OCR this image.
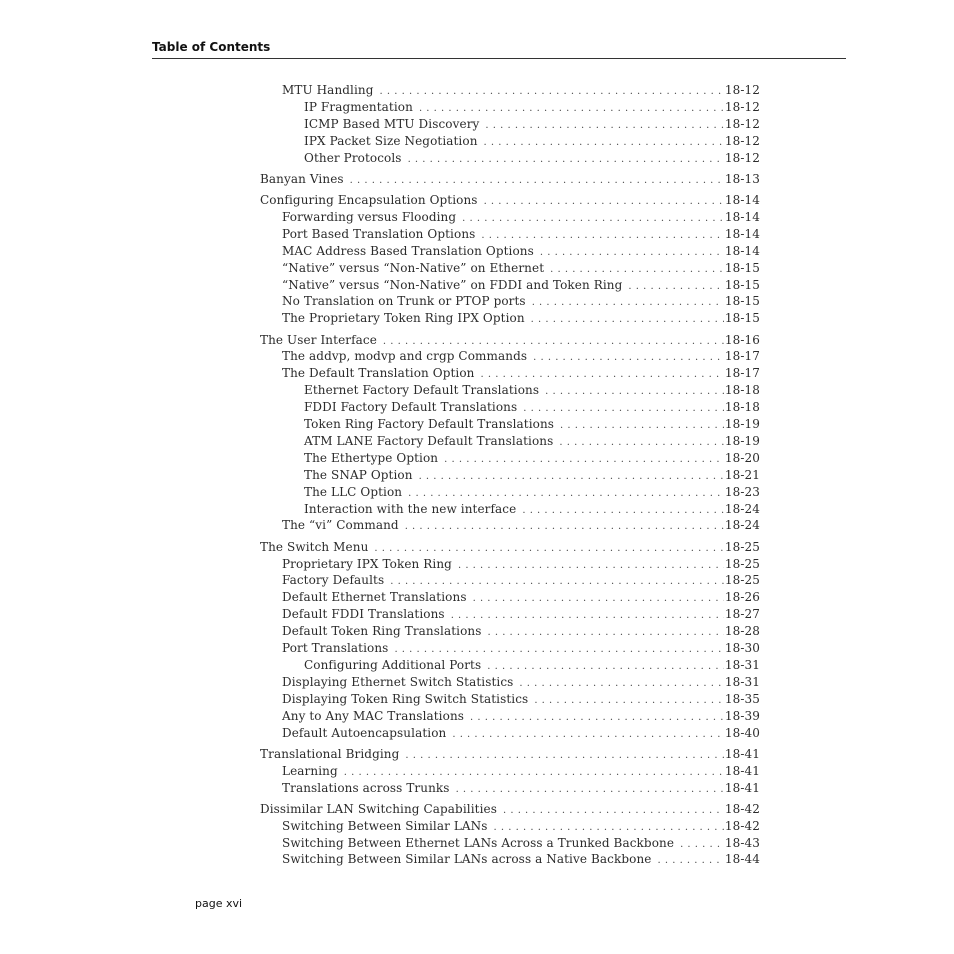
Table of Contents
MTU Handling . . .	18-12
IP Fragmentation . . .	18-12
ICMP Based MTU Discovery . . .	18-12
IPX Packet Size Negotiation . . .	18-12
Other Protocols . . .	18-12
Banyan Vines . . .	18-13
Configuring Encapsulation Options . . .	18-14
Forwarding versus Flooding . . .	18-14
Port Based Translation Options . . .	18-14
MAC Address Based Translation Options . . .	18-14
“Native” versus “Non-Native” on Ethernet . . .	18-15
“Native” versus “Non-Native” on FDDI and Token Ring . . .	18-15
No Translation on Trunk or PTOP ports . . .	18-15
The Proprietary Token Ring IPX Option . . .	18-15
The User Interface . . .	18-16
The addvp, modvp and crgp Commands . . .	18-17
The Default Translation Option . . .	18-17
Ethernet Factory Default Translations . . .	18-18
FDDI Factory Default Translations . . .	18-18
Token Ring Factory Default Translations . . .	18-19
ATM LANE Factory Default Translations . . .	18-19
The Ethertype Option . . .	18-20
The SNAP Option . . .	18-21
The LLC Option . . .	18-23
Interaction with the new interface . . .	18-24
The “vi” Command . . .	18-24
The Switch Menu . . .	18-25
Proprietary IPX Token Ring . . .	18-25
Factory Defaults . . .	18-25
Default Ethernet Translations . . .	18-26
Default FDDI Translations . . .	18-27
Default Token Ring Translations . . .	18-28
Port Translations . . .	18-30
Configuring Additional Ports . . .	18-31
Displaying Ethernet Switch Statistics . . .	18-31
Displaying Token Ring Switch Statistics . . .	18-35
Any to Any MAC Translations . . .	18-39
Default Autoencapsulation . . .	18-40
Translational Bridging . . .	18-41
Learning . . .	18-41
Translations across Trunks . . .	18-41
Dissimilar LAN Switching Capabilities . . .	18-42
Switching Between Similar LANs . . .	18-42
Switching Between Ethernet LANs Across a Trunked Backbone . . .	18-43
Switching Between Similar LANs across a Native Backbone . . .	18-44
page xvi
